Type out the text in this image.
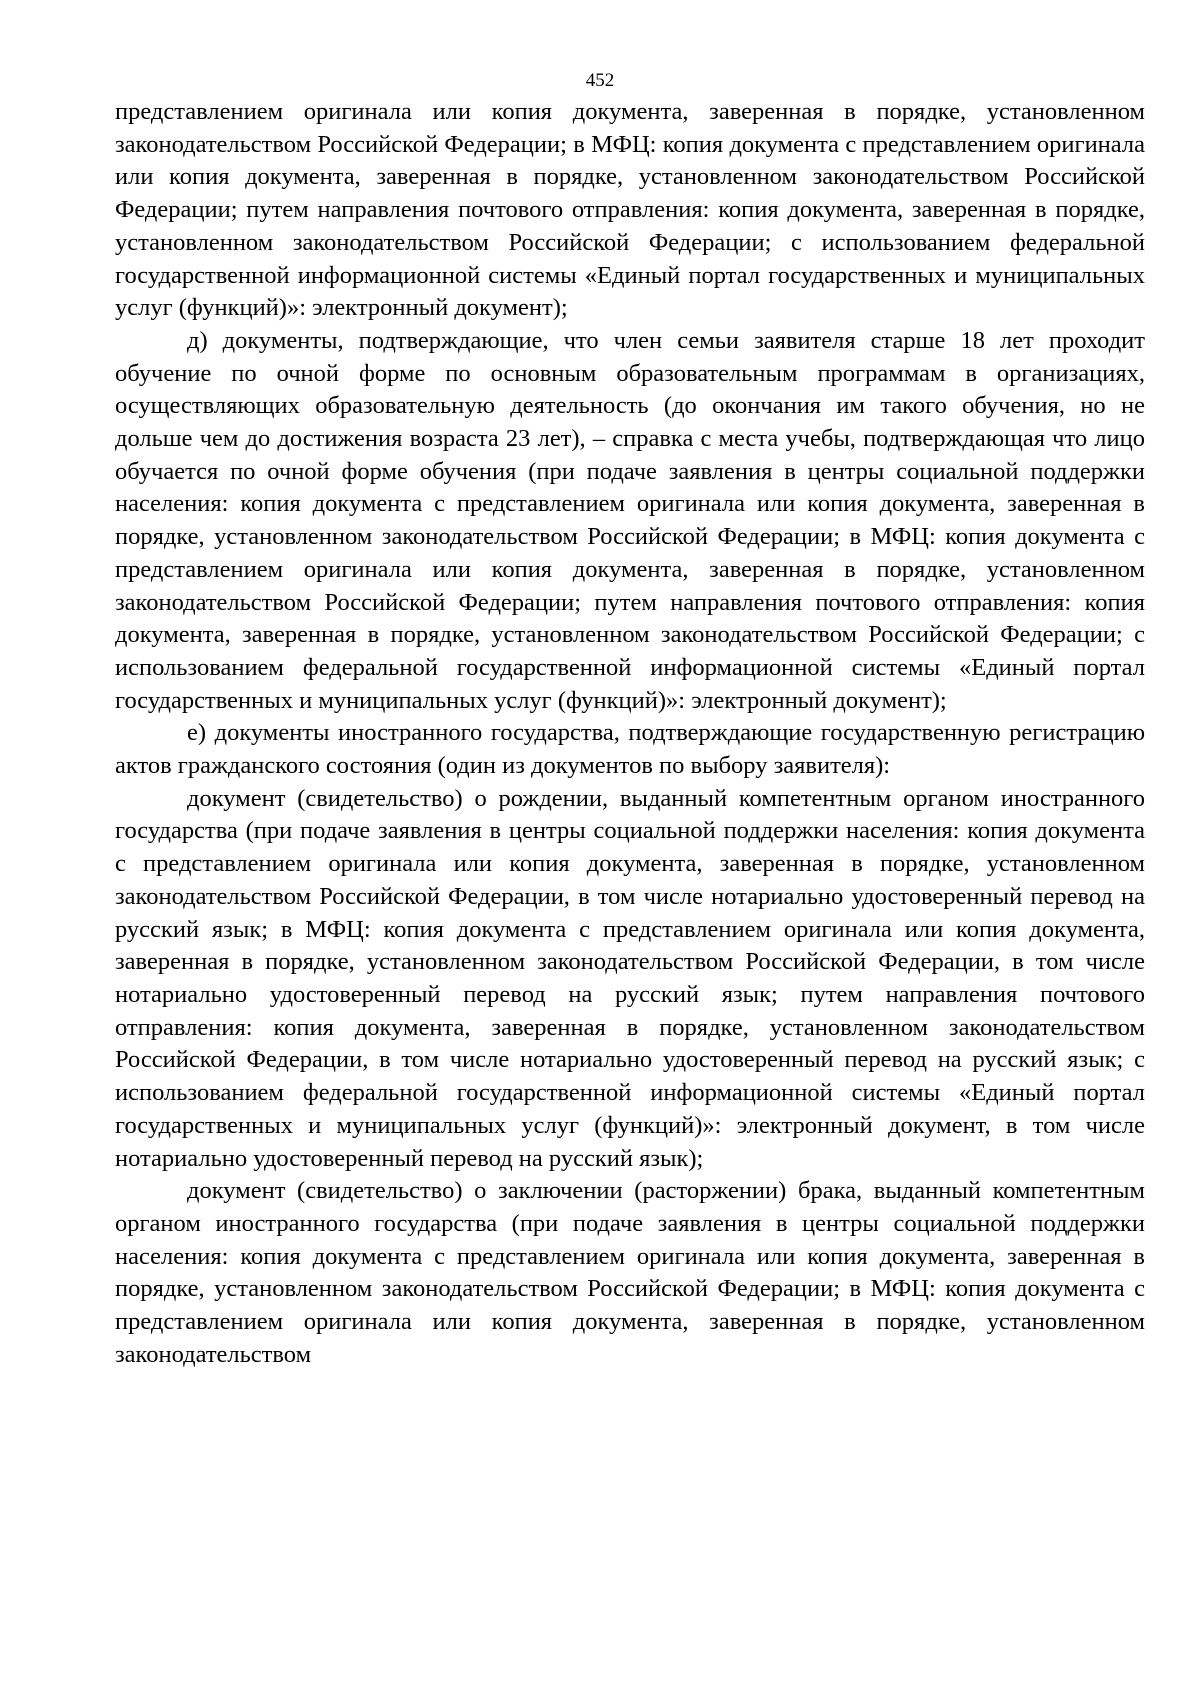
452

представлением оригинала или копия документа, заверенная в порядке, установленном законодательством Российской Федерации; в МФЦ: копия документа с представлением оригинала или копия документа, заверенная в порядке, установленном законодательством Российской Федерации; путем направления почтового отправления: копия документа, заверенная в порядке, установленном законодательством Российской Федерации; с использованием федеральной государственной информационной системы «Единый портал государственных и муниципальных услуг (функций)»: электронный документ);

д) документы, подтверждающие, что член семьи заявителя старше 18 лет проходит обучение по очной форме по основным образовательным программам в организациях, осуществляющих образовательную деятельность (до окончания им такого обучения, но не дольше чем до достижения возраста 23 лет), – справка с места учебы, подтверждающая что лицо обучается по очной форме обучения (при подаче заявления в центры социальной поддержки населения: копия документа с представлением оригинала или копия документа, заверенная в порядке, установленном законодательством Российской Федерации; в МФЦ: копия документа с представлением оригинала или копия документа, заверенная в порядке, установленном законодательством Российской Федерации; путем направления почтового отправления: копия документа, заверенная в порядке, установленном законодательством Российской Федерации; с использованием федеральной государственной информационной системы «Единый портал государственных и муниципальных услуг (функций)»: электронный документ);

е) документы иностранного государства, подтверждающие государственную регистрацию актов гражданского состояния (один из документов по выбору заявителя):

документ (свидетельство) о рождении, выданный компетентным органом иностранного государства (при подаче заявления в центры социальной поддержки населения: копия документа с представлением оригинала или копия документа, заверенная в порядке, установленном законодательством Российской Федерации, в том числе нотариально удостоверенный перевод на русский язык; в МФЦ: копия документа с представлением оригинала или копия документа, заверенная в порядке, установленном законодательством Российской Федерации, в том числе нотариально удостоверенный перевод на русский язык; путем направления почтового отправления: копия документа, заверенная в порядке, установленном законодательством Российской Федерации, в том числе нотариально удостоверенный перевод на русский язык; с использованием федеральной государственной информационной системы «Единый портал государственных и муниципальных услуг (функций)»: электронный документ, в том числе нотариально удостоверенный перевод на русский язык);

документ (свидетельство) о заключении (расторжении) брака, выданный компетентным органом иностранного государства (при подаче заявления в центры социальной поддержки населения: копия документа с представлением оригинала или копия документа, заверенная в порядке, установленном законодательством Российской Федерации; в МФЦ: копия документа с представлением оригинала или копия документа, заверенная в порядке, установленном законодательством
